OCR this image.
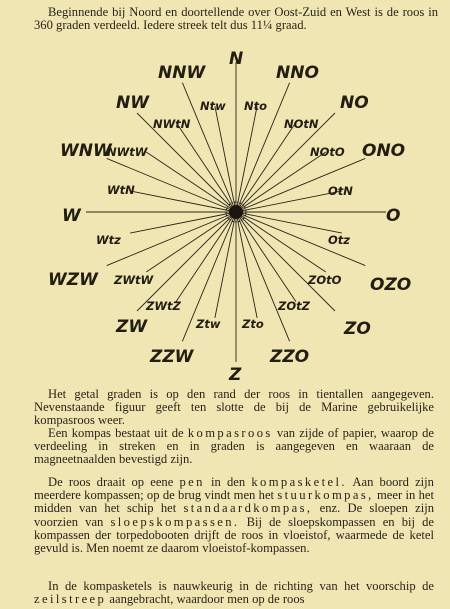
Beginnende bij Noord en doortellende over Oost-Zuid en West is de roos in 360 graden verdeeld. Iedere streek telt dus 11¼ graad.
N
NNW	NNO
NW	NO
WNW	ONO
W	O
WZW	OZO
ZW	ZO
ZZW	ZZO
Z
Ntw Nto
NWtN	NOtN
NWtW	NOtO
WtN	OtN
Wtz	Otz
ZWtW	ZOtO
ZWtZ	ZOtZ
Ztw Zto
Het getal graden is op den rand der roos in tientallen aangegeven. Nevenstaande figuur geeft ten slotte de bij de Marine gebruikelijke kompasroos weer.
Een kompas bestaat uit de kompasroos van zijde of papier, waarop de verdeeling in streken en in graden is aangegeven en waaraan de magneetnaalden bevestigd zijn.
De roos draait op eene pen in den kompasketel. Aan boord zijn meerdere kompassen; op de brug vindt men het stuurkompas, meer in het midden van het schip het standaardkompas, enz. De sloepen zijn voorzien van sloepskompassen. Bij de sloepskompassen en bij de kompassen der torpedobooten drijft de roos in vloeistof, waarmede de ketel gevuld is. Men noemt ze daarom vloeistof-kompassen.
In de kompasketels is nauwkeurig in de richting van het voorschip de zeilstreep aangebracht, waardoor men op de roos
